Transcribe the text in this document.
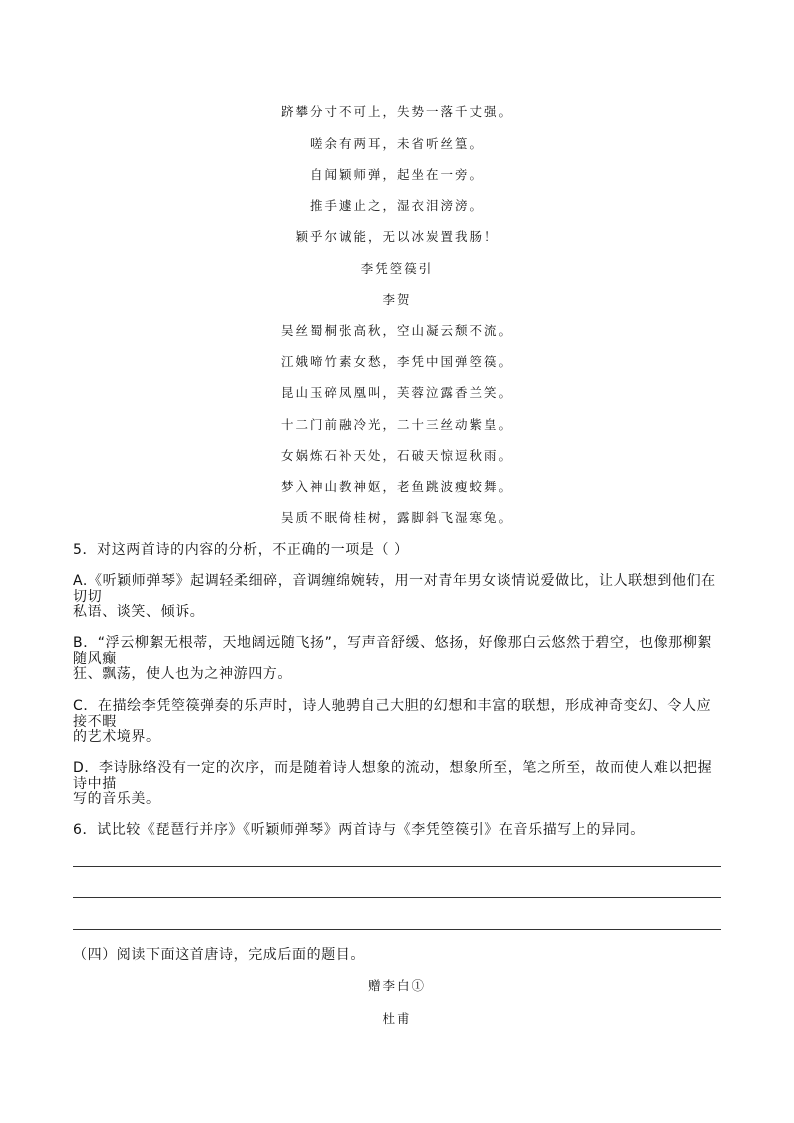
跻攀分寸不可上，失势一落千丈强。
嗟余有两耳，未省听丝篁。
自闻颖师弹，起坐在一旁。
推手遽止之，湿衣泪滂滂。
颖乎尔诚能，无以冰炭置我肠！
李凭箜篌引
李贺
吴丝蜀桐张高秋，空山凝云颓不流。
江娥啼竹素女愁，李凭中国弹箜篌。
昆山玉碎凤凰叫，芙蓉泣露香兰笑。
十二门前融冷光，二十三丝动紫皇。
女娲炼石补天处，石破天惊逗秋雨。
梦入神山教神妪，老鱼跳波瘦蛟舞。
吴质不眠倚桂树，露脚斜飞湿寒兔。
5．对这两首诗的内容的分析，不正确的一项是（ ）
A.《听颖师弹琴》起调轻柔细碎，音调缠绵婉转，用一对青年男女谈情说爱做比，让人联想到他们在切切
私语、谈笑、倾诉。
B．“浮云柳絮无根蒂，天地阔远随飞扬”，写声音舒缓、悠扬，好像那白云悠然于碧空，也像那柳絮随风癫
狂、飘荡，使人也为之神游四方。
C．在描绘李凭箜篌弹奏的乐声时，诗人驰骋自己大胆的幻想和丰富的联想，形成神奇变幻、令人应接不暇
的艺术境界。
D．李诗脉络没有一定的次序，而是随着诗人想象的流动，想象所至，笔之所至，故而使人难以把握诗中描
写的音乐美。
6．试比较《琵琶行并序》《听颖师弹琴》两首诗与《李凭箜篌引》在音乐描写上的异同。
（四）阅读下面这首唐诗，完成后面的题目。
赠李白①
杜甫
